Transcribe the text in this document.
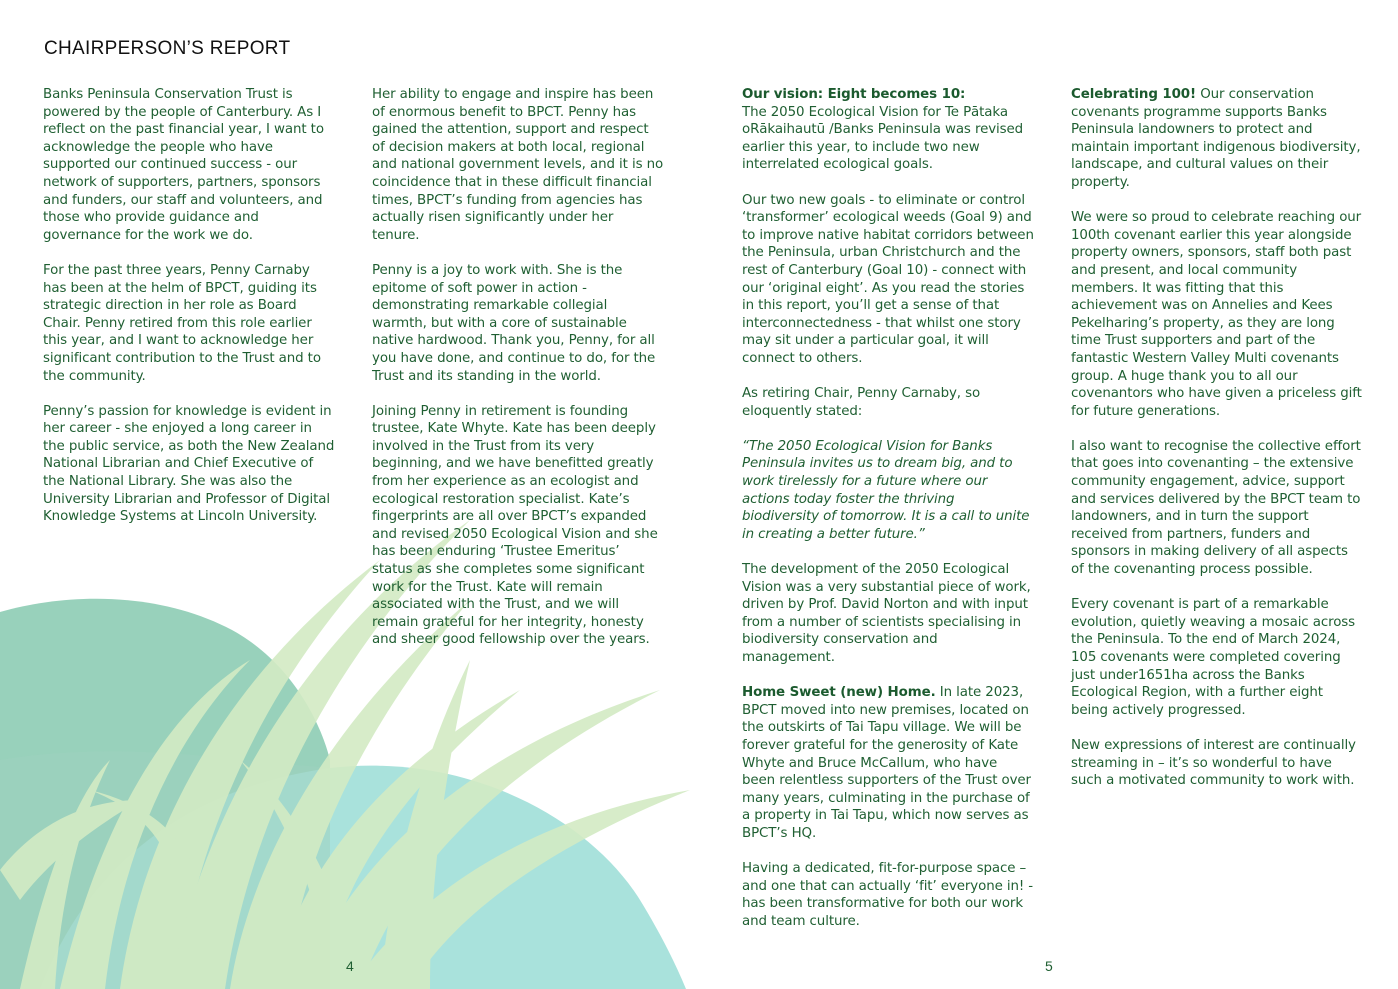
CHAIRPERSON’S REPORT

Banks Peninsula Conservation Trust is powered by the people of Canterbury. As I reflect on the past financial year, I want to acknowledge the people who have supported our continued success - our network of supporters, partners, sponsors and funders, our staff and volunteers, and those who provide guidance and governance for the work we do.

For the past three years, Penny Carnaby has been at the helm of BPCT, guiding its strategic direction in her role as Board Chair. Penny retired from this role earlier this year, and I want to acknowledge her significant contribution to the Trust and to the community.

Penny’s passion for knowledge is evident in her career - she enjoyed a long career in the public service, as both the New Zealand National Librarian and Chief Executive of the National Library. She was also the University Librarian and Professor of Digital Knowledge Systems at Lincoln University.

Her ability to engage and inspire has been of enormous benefit to BPCT. Penny has gained the attention, support and respect of decision makers at both local, regional and national government levels, and it is no coincidence that in these difficult financial times, BPCT’s funding from agencies has actually risen significantly under her tenure.

Penny is a joy to work with. She is the epitome of soft power in action - demonstrating remarkable collegial warmth, but with a core of sustainable native hardwood. Thank you, Penny, for all you have done, and continue to do, for the Trust and its standing in the world.

Joining Penny in retirement is founding trustee, Kate Whyte. Kate has been deeply involved in the Trust from its very beginning, and we have benefitted greatly from her experience as an ecologist and ecological restoration specialist. Kate’s fingerprints are all over BPCT’s expanded and revised 2050 Ecological Vision and she has been enduring ‘Trustee Emeritus’ status as she completes some significant work for the Trust. Kate will remain associated with the Trust, and we will remain grateful for her integrity, honesty and sheer good fellowship over the years.

Our vision: Eight becomes 10:
The 2050 Ecological Vision for Te Pātaka oRākaihautū /Banks Peninsula was revised earlier this year, to include two new interrelated ecological goals.

Our two new goals - to eliminate or control ‘transformer’ ecological weeds (Goal 9) and to improve native habitat corridors between the Peninsula, urban Christchurch and the rest of Canterbury (Goal 10) - connect with our ‘original eight’. As you read the stories in this report, you’ll get a sense of that interconnectedness - that whilst one story may sit under a particular goal, it will connect to others.

As retiring Chair, Penny Carnaby, so eloquently stated:

“The 2050 Ecological Vision for Banks Peninsula invites us to dream big, and to work tirelessly for a future where our actions today foster the thriving biodiversity of tomorrow. It is a call to unite in creating a better future.”

The development of the 2050 Ecological Vision was a very substantial piece of work, driven by Prof. David Norton and with input from a number of scientists specialising in biodiversity conservation and management.

Home Sweet (new) Home. In late 2023, BPCT moved into new premises, located on the outskirts of Tai Tapu village. We will be forever grateful for the generosity of Kate Whyte and Bruce McCallum, who have been relentless supporters of the Trust over many years, culminating in the purchase of a property in Tai Tapu, which now serves as BPCT’s HQ.

Having a dedicated, fit-for-purpose space – and one that can actually ‘fit’ everyone in! - has been transformative for both our work and team culture.

Celebrating 100! Our conservation covenants programme supports Banks Peninsula landowners to protect and maintain important indigenous biodiversity, landscape, and cultural values on their property.

We were so proud to celebrate reaching our 100th covenant earlier this year alongside property owners, sponsors, staff both past and present, and local community members. It was fitting that this achievement was on Annelies and Kees Pekelharing’s property, as they are long time Trust supporters and part of the fantastic Western Valley Multi covenants group. A huge thank you to all our covenantors who have given a priceless gift for future generations.

I also want to recognise the collective effort that goes into covenanting – the extensive community engagement, advice, support and services delivered by the BPCT team to landowners, and in turn the support received from partners, funders and sponsors in making delivery of all aspects of the covenanting process possible.

Every covenant is part of a remarkable evolution, quietly weaving a mosaic across the Peninsula. To the end of March 2024, 105 covenants were completed covering just under1651ha across the Banks Ecological Region, with a further eight being actively progressed.

New expressions of interest are continually streaming in – it’s so wonderful to have such a motivated community to work with.

4	5
